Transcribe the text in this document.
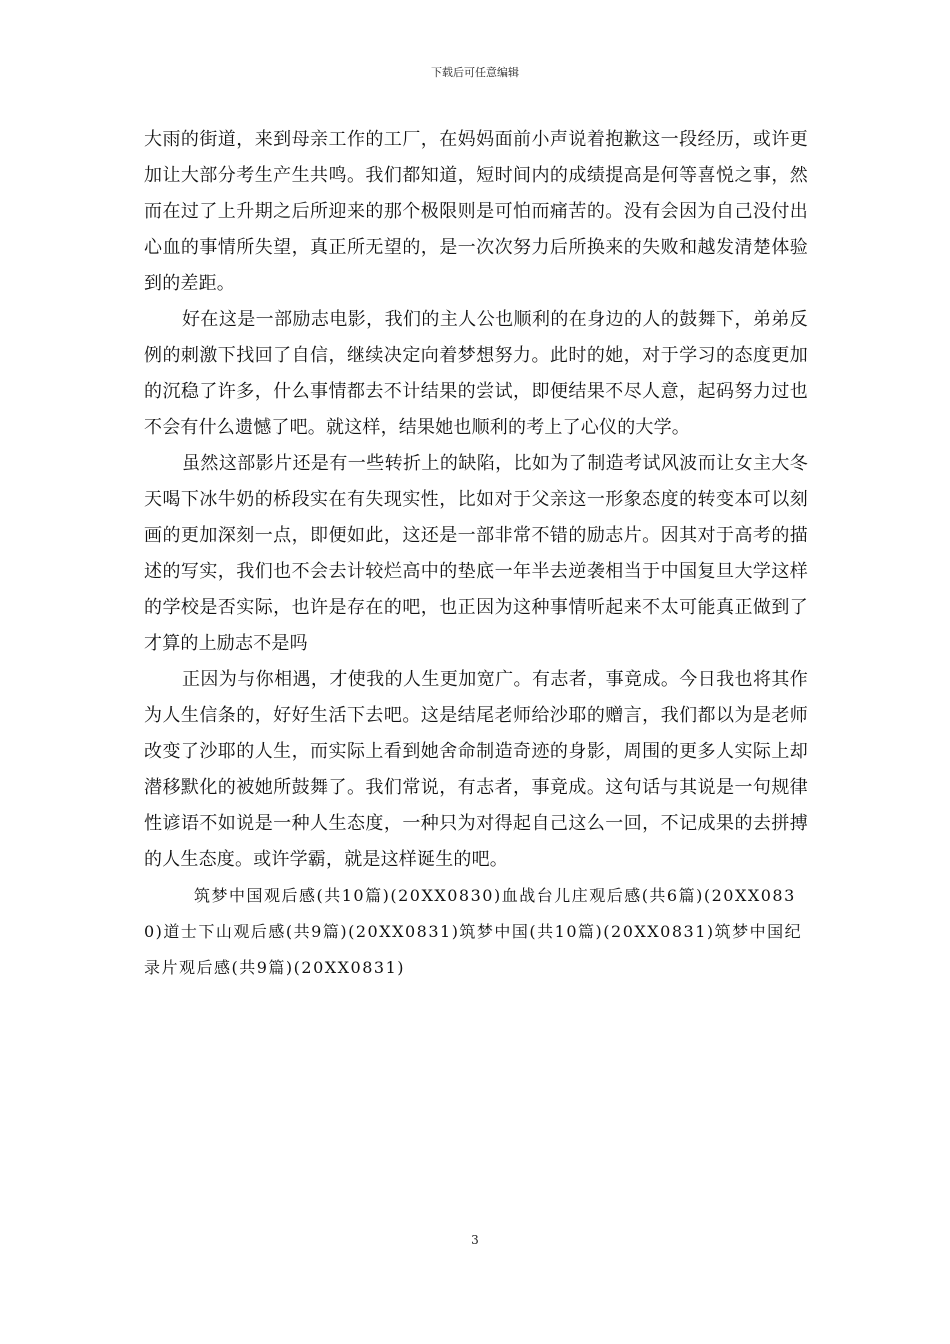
下载后可任意编辑

大雨的街道，来到母亲工作的工厂，在妈妈面前小声说着抱歉这一段经历，或许更加让大部分考生产生共鸣。我们都知道，短时间内的成绩提高是何等喜悦之事，然而在过了上升期之后所迎来的那个极限则是可怕而痛苦的。没有会因为自己没付出心血的事情所失望，真正所无望的，是一次次努力后所换来的失败和越发清楚体验到的差距。

好在这是一部励志电影，我们的主人公也顺利的在身边的人的鼓舞下，弟弟反例的刺激下找回了自信，继续决定向着梦想努力。此时的她，对于学习的态度更加的沉稳了许多，什么事情都去不计结果的尝试，即便结果不尽人意，起码努力过也不会有什么遗憾了吧。就这样，结果她也顺利的考上了心仪的大学。

虽然这部影片还是有一些转折上的缺陷，比如为了制造考试风波而让女主大冬天喝下冰牛奶的桥段实在有失现实性，比如对于父亲这一形象态度的转变本可以刻画的更加深刻一点，即便如此，这还是一部非常不错的励志片。因其对于高考的描述的写实，我们也不会去计较烂高中的垫底一年半去逆袭相当于中国复旦大学这样的学校是否实际，也许是存在的吧，也正因为这种事情听起来不太可能真正做到了才算的上励志不是吗

正因为与你相遇，才使我的人生更加宽广。有志者，事竟成。今日我也将其作为人生信条的，好好生活下去吧。这是结尾老师给沙耶的赠言，我们都以为是老师改变了沙耶的人生，而实际上看到她舍命制造奇迹的身影，周围的更多人实际上却潜移默化的被她所鼓舞了。我们常说，有志者，事竟成。这句话与其说是一句规律性谚语不如说是一种人生态度，一种只为对得起自己这么一回，不记成果的去拼搏的人生态度。或许学霸，就是这样诞生的吧。

筑梦中国观后感(共10篇)(20XX0830)血战台儿庄观后感(共6篇)(20XX0830)道士下山观后感(共9篇)(20XX0831)筑梦中国(共10篇)(20XX0831)筑梦中国纪录片观后感(共9篇)(20XX0831)

3
